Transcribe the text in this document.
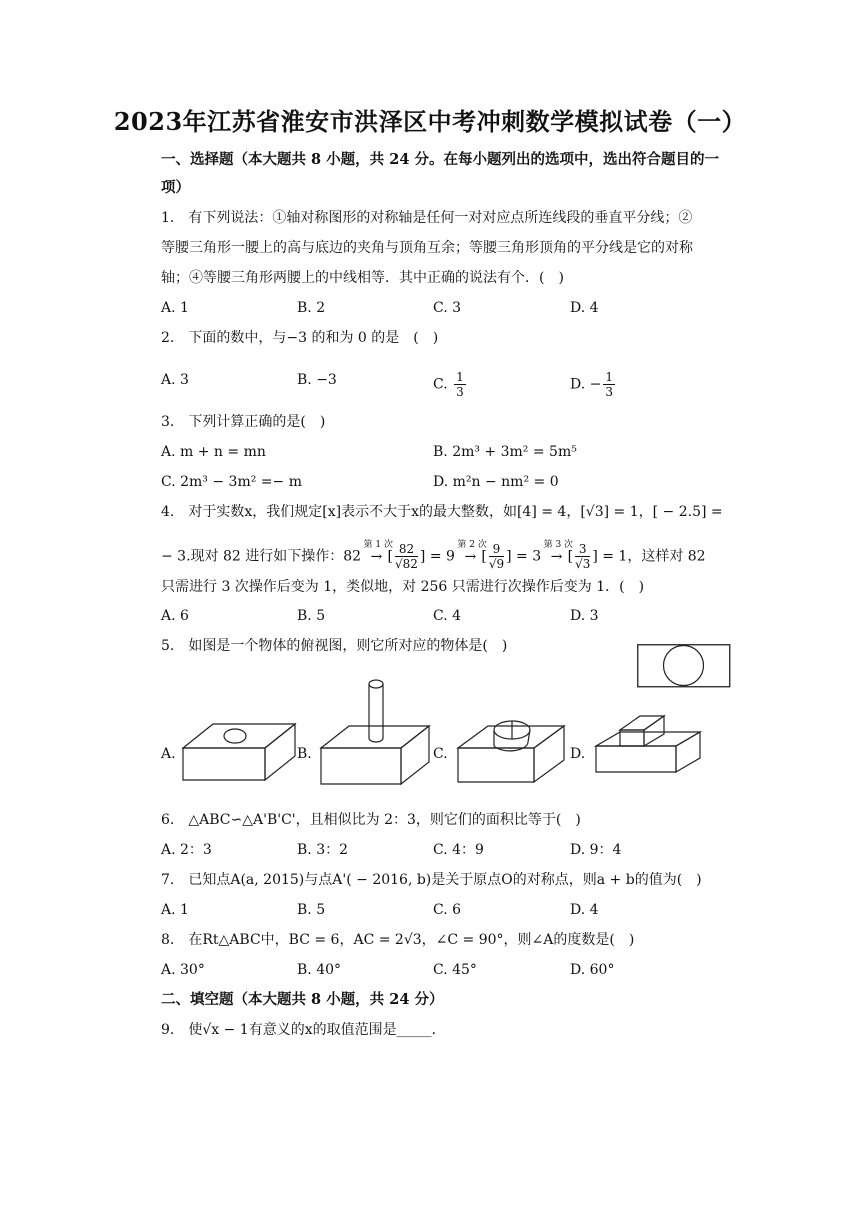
2023年江苏省淮安市洪泽区中考冲刺数学模拟试卷（一）
一、选择题（本大题共 8 小题，共 24 分。在每小题列出的选项中，选出符合题目的一
项）
1.　有下列说法：①轴对称图形的对称轴是任何一对对应点所连线段的垂直平分线；②
等腰三角形一腰上的高与底边的夹角与顶角互余；等腰三角形顶角的平分线是它的对称
轴；④等腰三角形两腰上的中线相等．其中正确的说法有个．(　)
A. 1	B. 2	C. 3	D. 4
2.　下面的数中，与−3 的和为 0 的是　(　)
A. 3	B. −3	C. $\frac{1}{3}$	D. − $\frac{1}{3}$
3.　下列计算正确的是(　)
A. m + n = mn	B. 2m³ + 3m² = 5m⁵
C. 2m³ − 3m² =− m	D. m²n − nm² = 0
4.　对于实数x，我们规定[x]表示不大于x的最大整数，如[4] = 4，[√3] = 1，[ − 2.5] =
− 3.现对 82 进行如下操作：82 →
第 1 次
[ $\frac{82}{√82}$ ] = 9 →
第 2 次
[ $\frac{9}{√9}$ ] = 3 →
第 3 次
[ $\frac{3}{√3}$ ] = 1，这样对 82
只需进行 3 次操作后变为 1，类似地，对 256 只需进行次操作后变为 1．(　)
A. 6	B. 5	C. 4	D. 3
5.　如图是一个物体的俯视图，则它所对应的物体是(　)
A.	B.	C.	D.
6.　△ABC∽△A'B'C'，且相似比为 2：3，则它们的面积比等于(　)
A. 2：3	B. 3：2	C. 4：9	D. 9：4
7.　已知点A(a, 2015)与点A'( − 2016, b)是关于原点O的对称点，则a + b的值为(　)
A. 1	B. 5	C. 6	D. 4
8.　在Rt△ABC中，BC = 6，AC = 2√3，∠C = 90°，则∠A的度数是(　)
A. 30°	B. 40°	C. 45°	D. 60°
二、填空题（本大题共 8 小题，共 24 分）
9.　使√x − 1有意义的x的取值范围是_____．
